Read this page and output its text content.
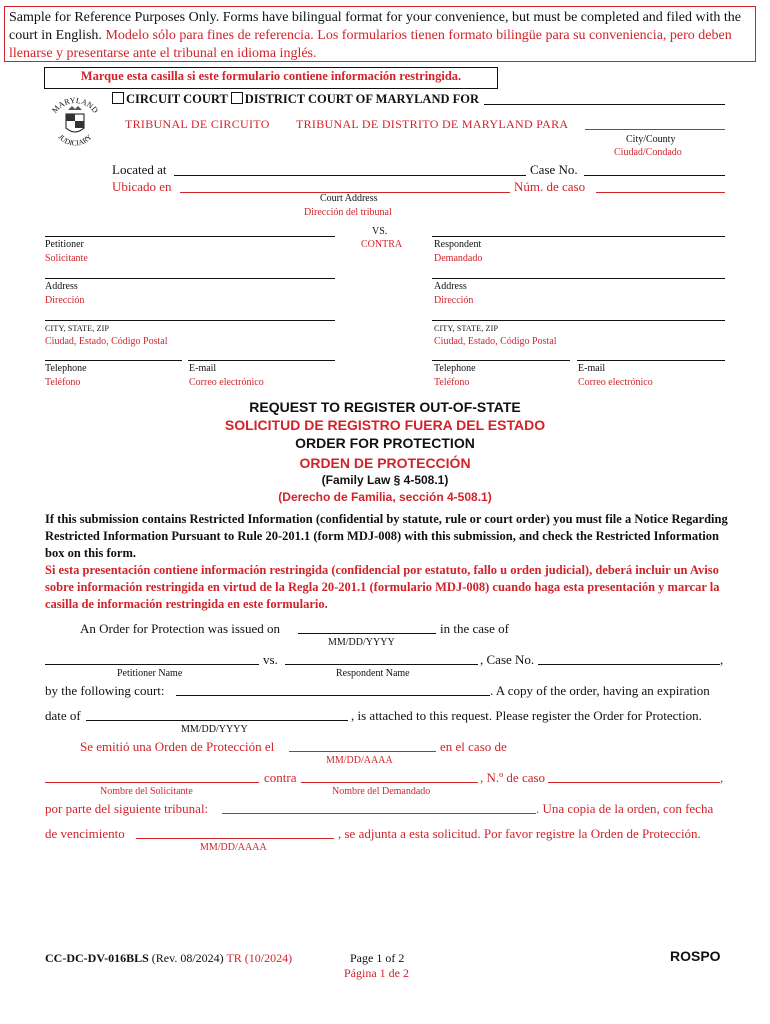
Sample for Reference Purposes Only. Forms have bilingual format for your convenience, but must be completed and filed with the court in English. Modelo sólo para fines de referencia. Los formularios tienen formato bilingüe para su conveniencia, pero deben llenarse y presentarse ante el tribunal en idioma inglés.
Marque esta casilla si este formulario contiene información restringida.
MARYLAND
JUDICIARY
CIRCUIT COURT DISTRICT COURT OF MARYLAND FOR
TRIBUNAL DE CIRCUITO TRIBUNAL DE DISTRITO DE MARYLAND PARA
City/County
Ciudad/Condado
Located at	Case No.
Ubicado en	Núm. de caso
Court Address
Dirección del tribunal
VS.
CONTRA
Petitioner
Solicitante
Respondent
Demandado
Address
Dirección
Address
Dirección
CITY, STATE, ZIP
Ciudad, Estado, Código Postal
CITY, STATE, ZIP
Ciudad, Estado, Código Postal
Telephone
Teléfono
E-mail
Correo electrónico
Telephone
Teléfono
E-mail
Correo electrónico
REQUEST TO REGISTER OUT-OF-STATE
SOLICITUD DE REGISTRO FUERA DEL ESTADO
ORDER FOR PROTECTION
ORDEN DE PROTECCIÓN
(Family Law § 4-508.1)
(Derecho de Familia, sección 4-508.1)
If this submission contains Restricted Information (confidential by statute, rule or court order) you must file a Notice Regarding Restricted Information Pursuant to Rule 20-201.1 (form MDJ-008) with this submission, and check the Restricted Information box on this form.
Si esta presentación contiene información restringida (confidencial por estatuto, fallo u orden judicial), deberá incluir un Aviso sobre información restringida en virtud de la Regla 20-201.1 (formulario MDJ-008) cuando haga esta presentación y marcar la casilla de información restringida en este formulario.
An Order for Protection was issued on	in the case of
MM/DD/YYYY
vs.	, Case No.	,
Petitioner Name	Respondent Name
by the following court:	. A copy of the order, having an expiration
date of	, is attached to this request. Please register the Order for Protection.
MM/DD/YYYY
Se emitió una Orden de Protección el	en el caso de
MM/DD/AAAA
contra	, N.º de caso	,
Nombre del Solicitante	Nombre del Demandado
por parte del siguiente tribunal:	. Una copia de la orden, con fecha
de vencimiento	, se adjunta a esta solicitud. Por favor registre la Orden de Protección.
MM/DD/AAAA
CC-DC-DV-016BLS (Rev. 08/2024) TR (10/2024)	Page 1 of 2
Página 1 de 2
ROSPO
